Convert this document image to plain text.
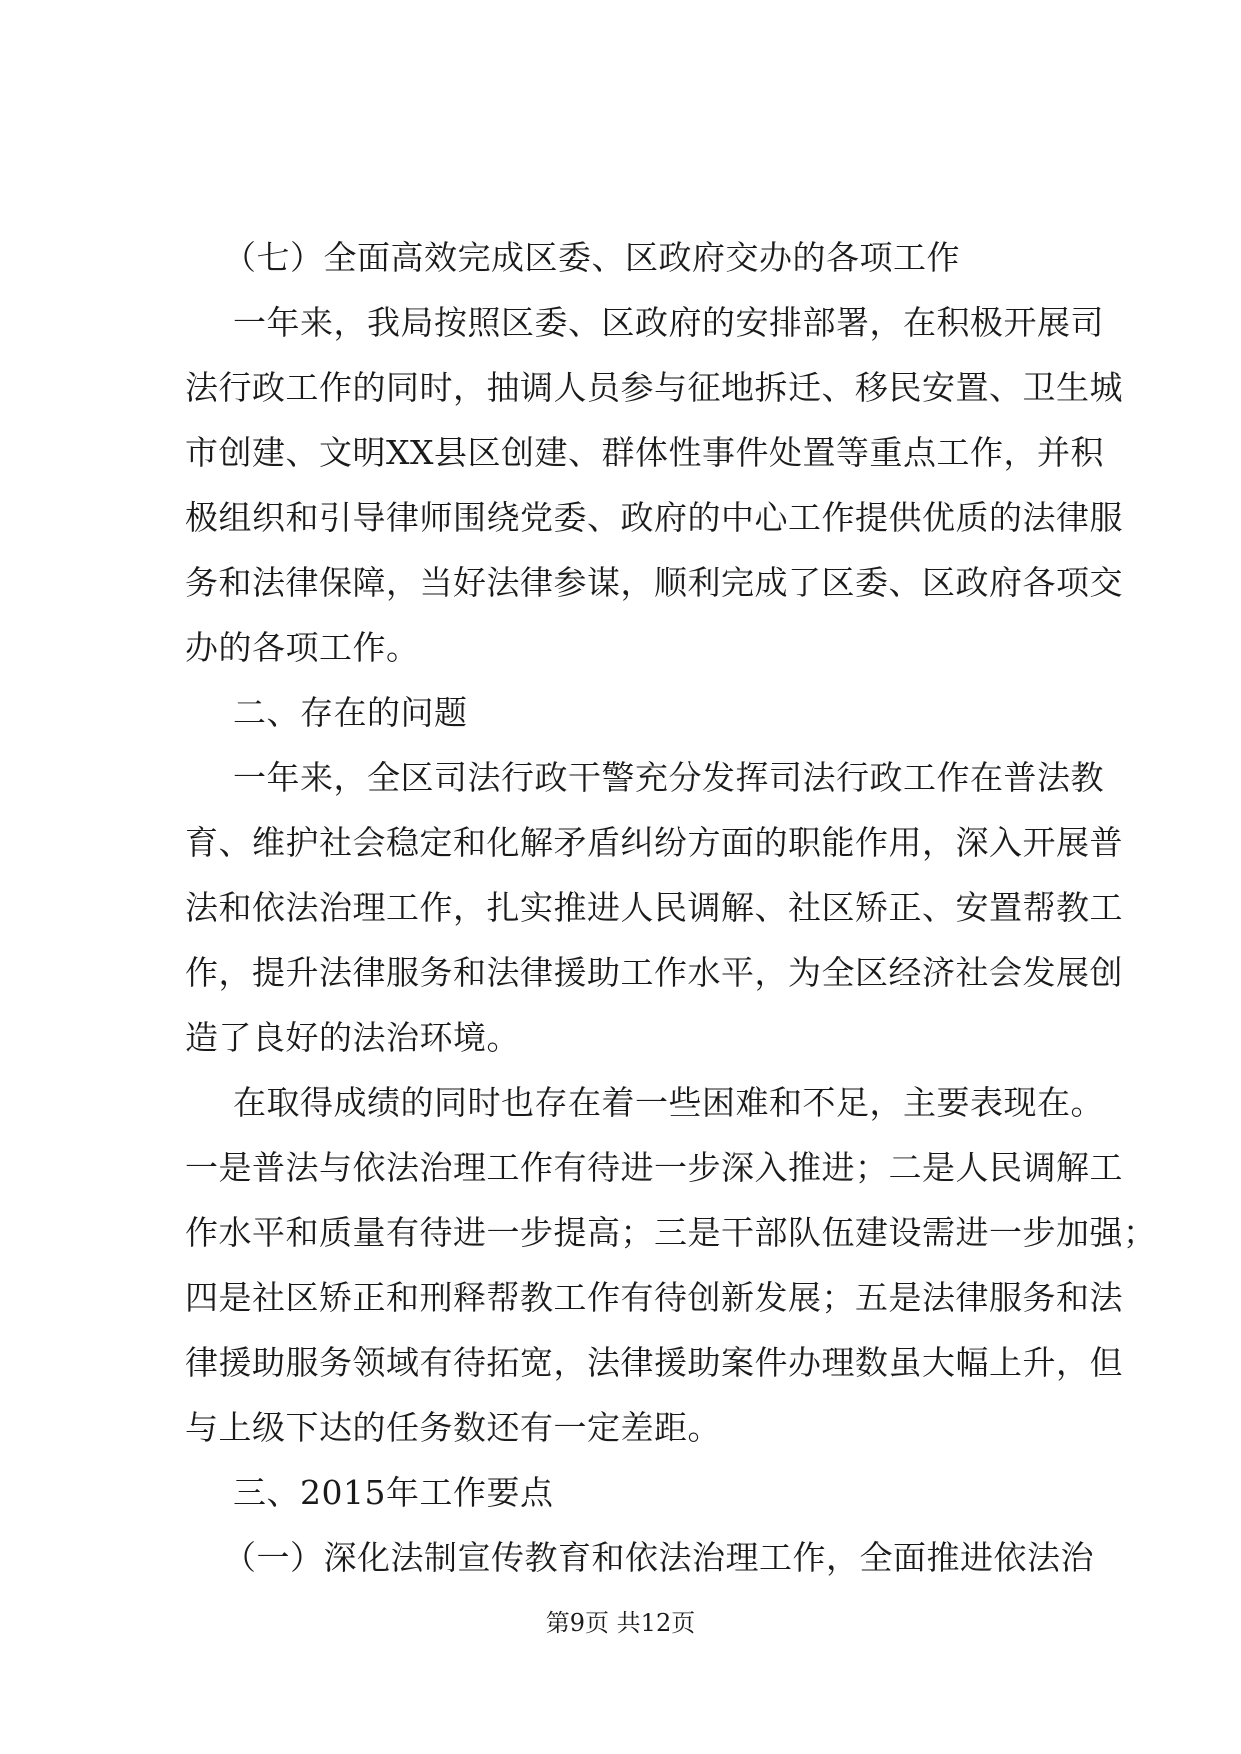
（七）全面高效完成区委、区政府交办的各项工作
一年来，我局按照区委、区政府的安排部署，在积极开展司
法行政工作的同时，抽调人员参与征地拆迁、移民安置、卫生城
市创建、文明XX县区创建、群体性事件处置等重点工作，并积
极组织和引导律师围绕党委、政府的中心工作提供优质的法律服
务和法律保障，当好法律参谋，顺利完成了区委、区政府各项交
办的各项工作。
二、存在的问题
一年来，全区司法行政干警充分发挥司法行政工作在普法教
育、维护社会稳定和化解矛盾纠纷方面的职能作用，深入开展普
法和依法治理工作，扎实推进人民调解、社区矫正、安置帮教工
作，提升法律服务和法律援助工作水平，为全区经济社会发展创
造了良好的法治环境。
在取得成绩的同时也存在着一些困难和不足，主要表现在。
一是普法与依法治理工作有待进一步深入推进；二是人民调解工
作水平和质量有待进一步提高；三是干部队伍建设需进一步加强；
四是社区矫正和刑释帮教工作有待创新发展；五是法律服务和法
律援助服务领域有待拓宽，法律援助案件办理数虽大幅上升，但
与上级下达的任务数还有一定差距。
三、2015年工作要点
（一）深化法制宣传教育和依法治理工作，全面推进依法治
第9页 共12页
